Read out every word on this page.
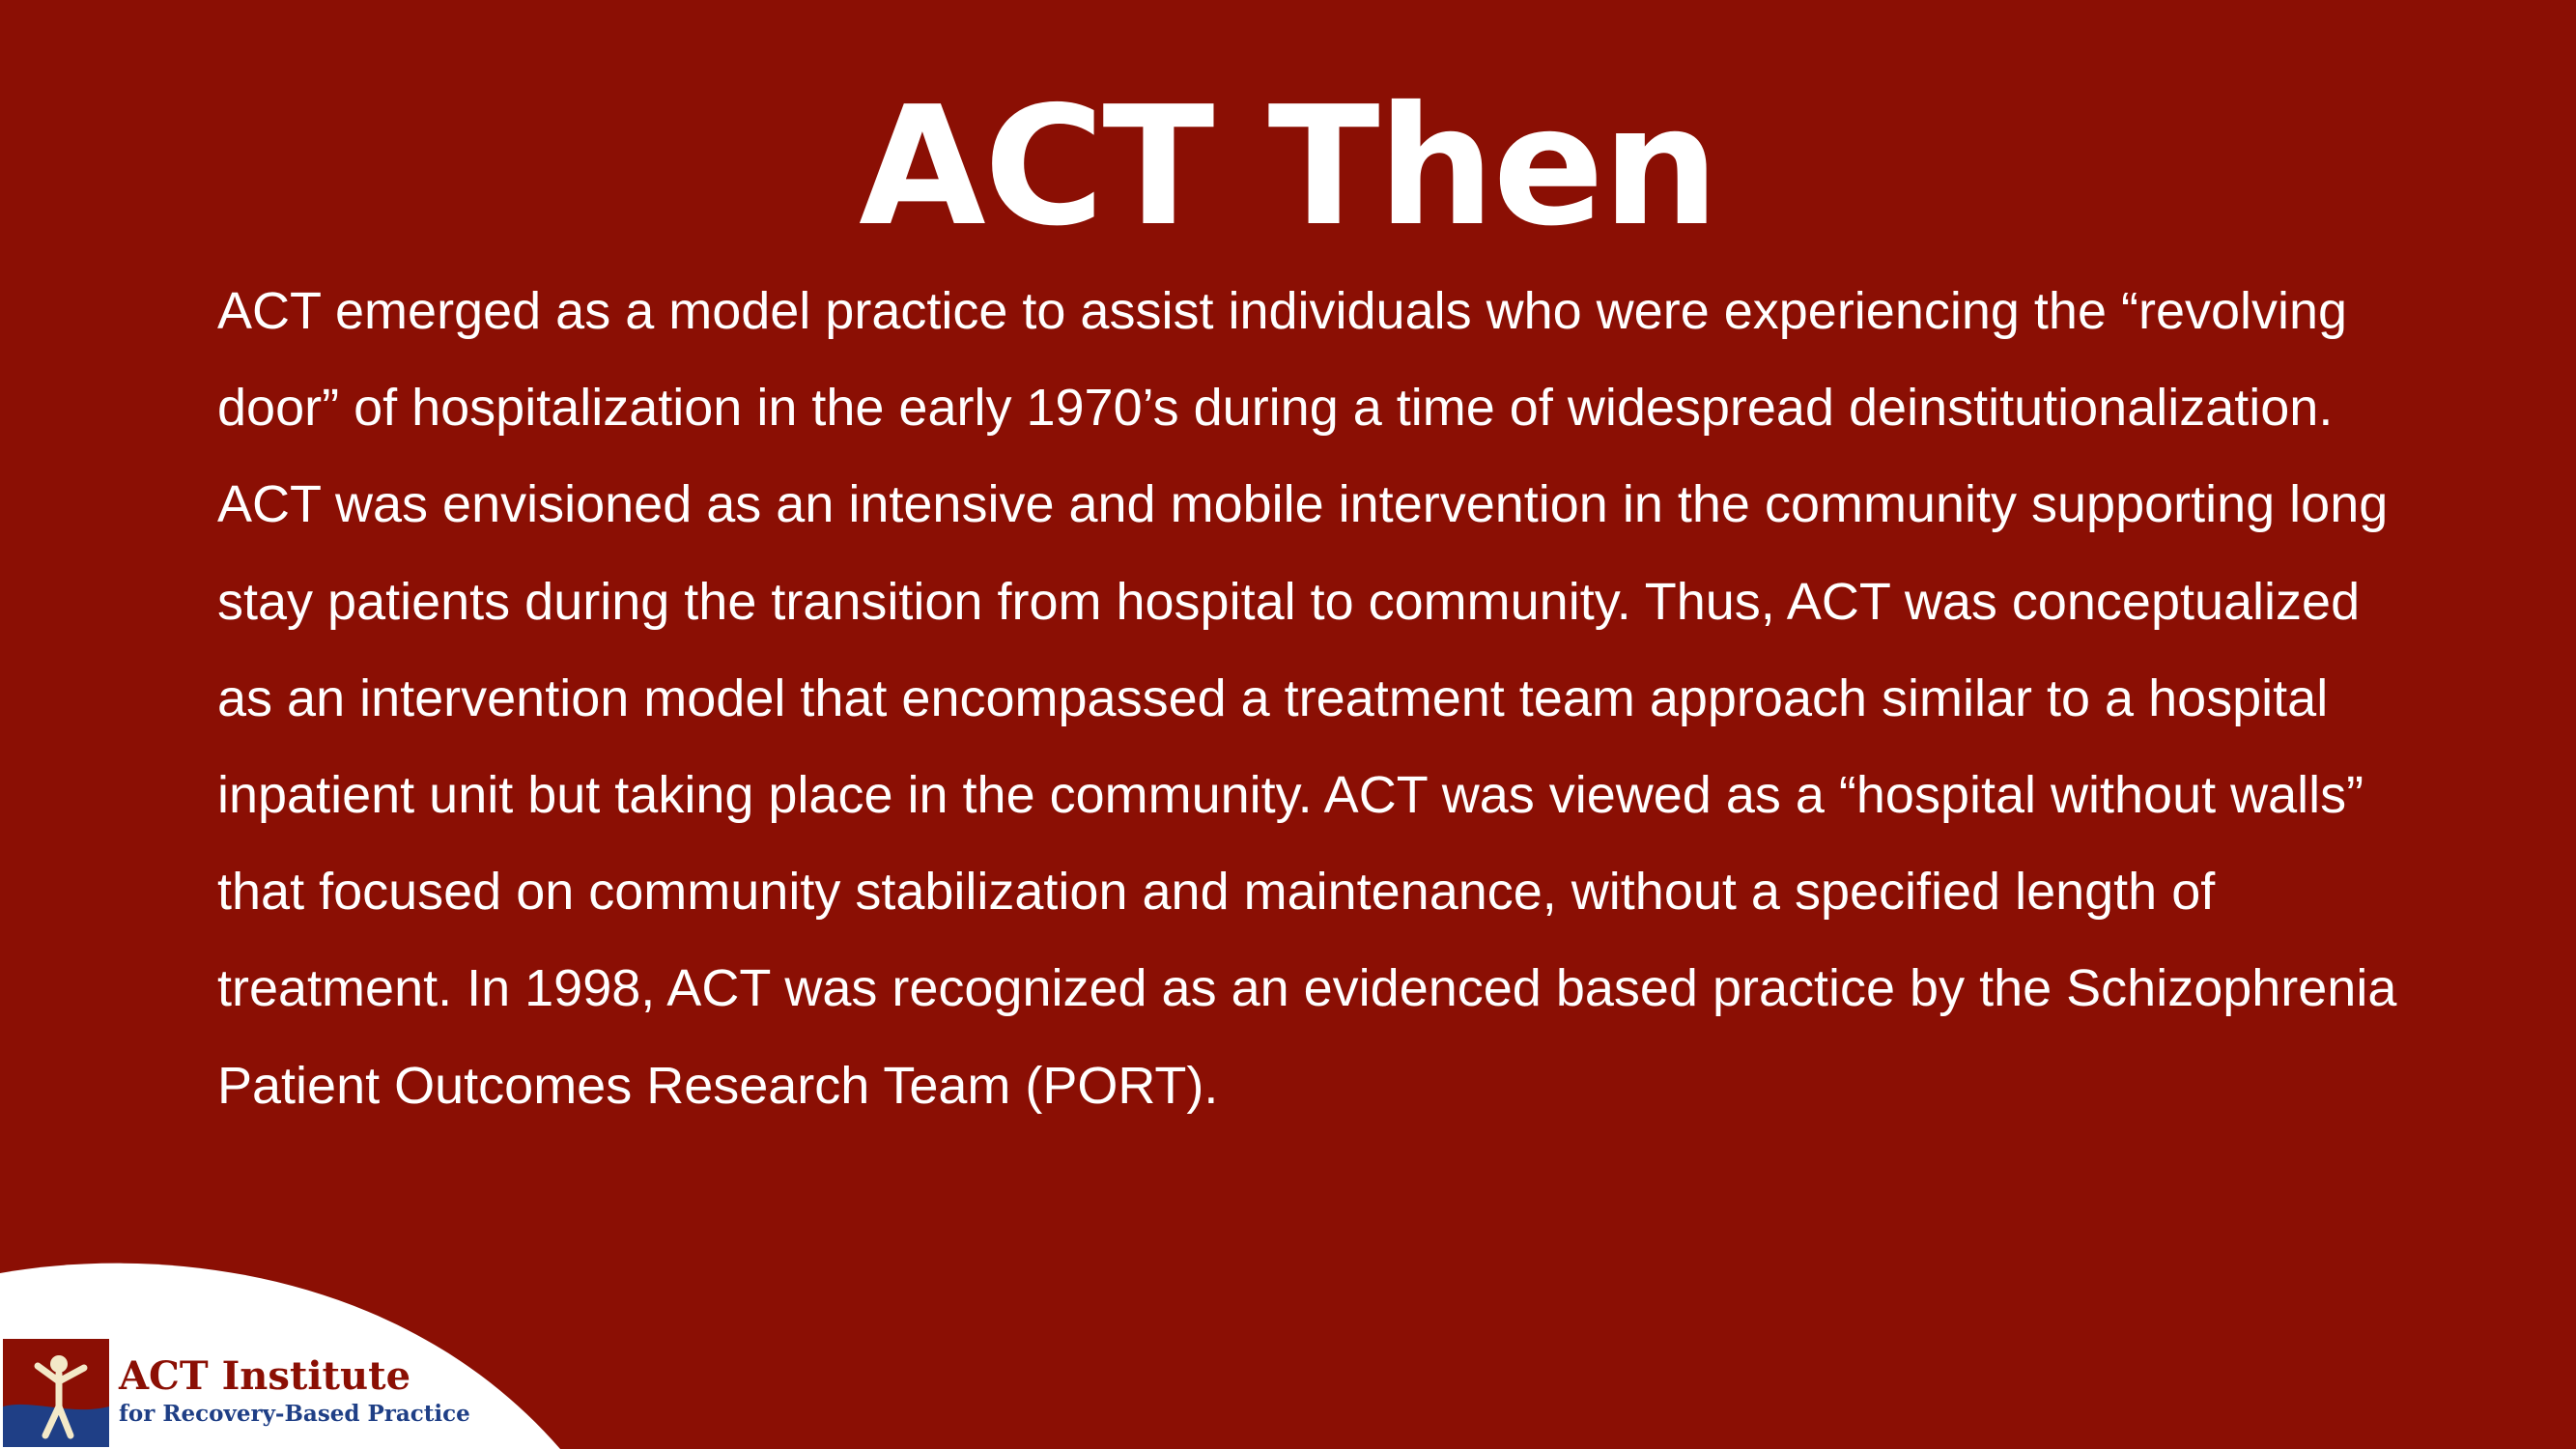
ACT Then

ACT emerged as a model practice to assist individuals who were experiencing the “revolving door” of hospitalization in the early 1970’s during a time of widespread deinstitutionalization. ACT was envisioned as an intensive and mobile intervention in the community supporting long stay patients during the transition from hospital to community. Thus, ACT was conceptualized as an intervention model that encompassed a treatment team approach similar to a hospital inpatient unit but taking place in the community. ACT was viewed as a “hospital without walls” that focused on community stabilization and maintenance, without a specified length of treatment. In 1998, ACT was recognized as an evidenced based practice by the Schizophrenia Patient Outcomes Research Team (PORT).

ACT Institute
for Recovery-Based Practice
